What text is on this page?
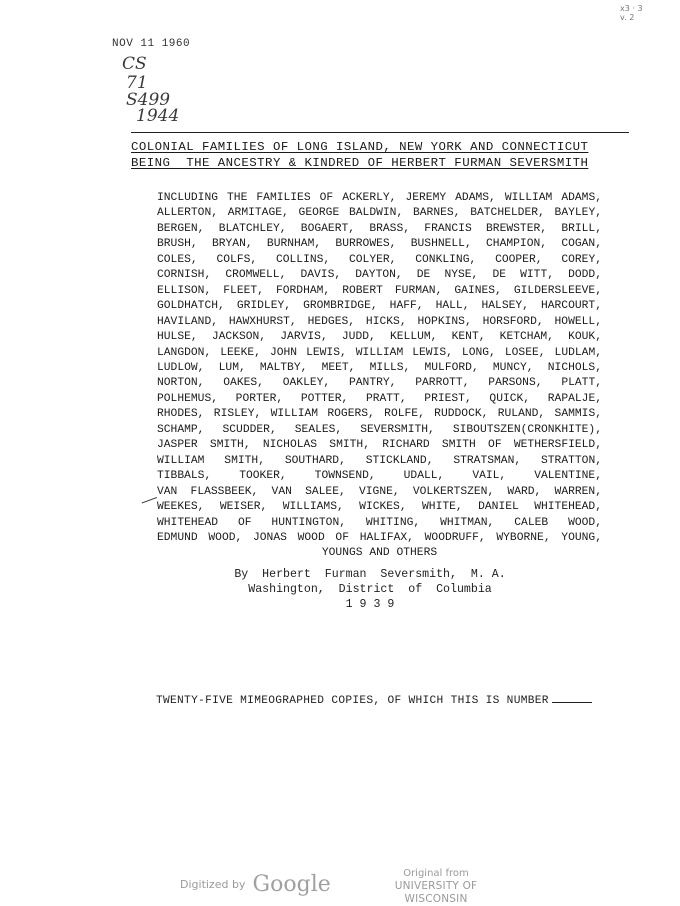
NOV 11 1960
CS
71
S499
1944
x3 · 3
v. 2
COLONIAL FAMILIES OF LONG ISLAND, NEW YORK AND CONNECTICUT
BEING  THE ANCESTRY & KINDRED OF HERBERT FURMAN SEVERSMITH
INCLUDING THE FAMILIES OF ACKERLY, JEREMY ADAMS, WILLIAM ADAMS,
ALLERTON, ARMITAGE, GEORGE BALDWIN, BARNES, BATCHELDER, BAYLEY,
BERGEN, BLATCHLEY, BOGAERT, BRASS, FRANCIS BREWSTER, BRILL,
BRUSH, BRYAN, BURNHAM, BURROWES, BUSHNELL, CHAMPION, COGAN,
COLES, COLFS, COLLINS, COLYER, CONKLING, COOPER, COREY,
CORNISH, CROMWELL, DAVIS, DAYTON, DE NYSE, DE WITT, DODD,
ELLISON, FLEET, FORDHAM, ROBERT FURMAN, GAINES, GILDERSLEEVE,
GOLDHATCH, GRIDLEY, GROMBRIDGE, HAFF, HALL, HALSEY, HARCOURT,
HAVILAND, HAWXHURST, HEDGES, HICKS, HOPKINS, HORSFORD, HOWELL,
HULSE, JACKSON, JARVIS, JUDD, KELLUM, KENT, KETCHAM, KOUK,
LANGDON, LEEKE, JOHN LEWIS, WILLIAM LEWIS, LONG, LOSEE, LUDLAM,
LUDLOW, LUM, MALTBY, MEET, MILLS, MULFORD, MUNCY, NICHOLS,
NORTON, OAKES, OAKLEY, PANTRY, PARROTT, PARSONS, PLATT,
POLHEMUS, PORTER, POTTER, PRATT, PRIEST, QUICK, RAPALJE,
RHODES, RISLEY, WILLIAM ROGERS, ROLFE, RUDDOCK, RULAND, SAMMIS,
SCHAMP, SCUDDER, SEALES, SEVERSMITH, SIBOUTSZEN(CRONKHITE),
JASPER SMITH, NICHOLAS SMITH, RICHARD SMITH OF WETHERSFIELD,
WILLIAM SMITH, SOUTHARD, STICKLAND, STRATSMAN, STRATTON,
TIBBALS, TOOKER, TOWNSEND, UDALL, VAIL, VALENTINE,
VAN FLASSBEEK, VAN SALEE, VIGNE, VOLKERTSZEN, WARD, WARREN,
WEEKES, WEISER, WILLIAMS, WICKES, WHITE, DANIEL WHITEHEAD,
WHITEHEAD OF HUNTINGTON, WHITING, WHITMAN, CALEB WOOD,
EDMUND WOOD, JONAS WOOD OF HALIFAX, WOODRUFF, WYBORNE, YOUNG,
YOUNGS AND OTHERS
By  Herbert  Furman  Seversmith,  M. A.
Washington,  District  of  Columbia
1 9 3 9
TWENTY-FIVE MIMEOGRAPHED COPIES, OF WHICH THIS IS NUMBER
Digitized by Google	Original from
UNIVERSITY OF WISCONSIN
